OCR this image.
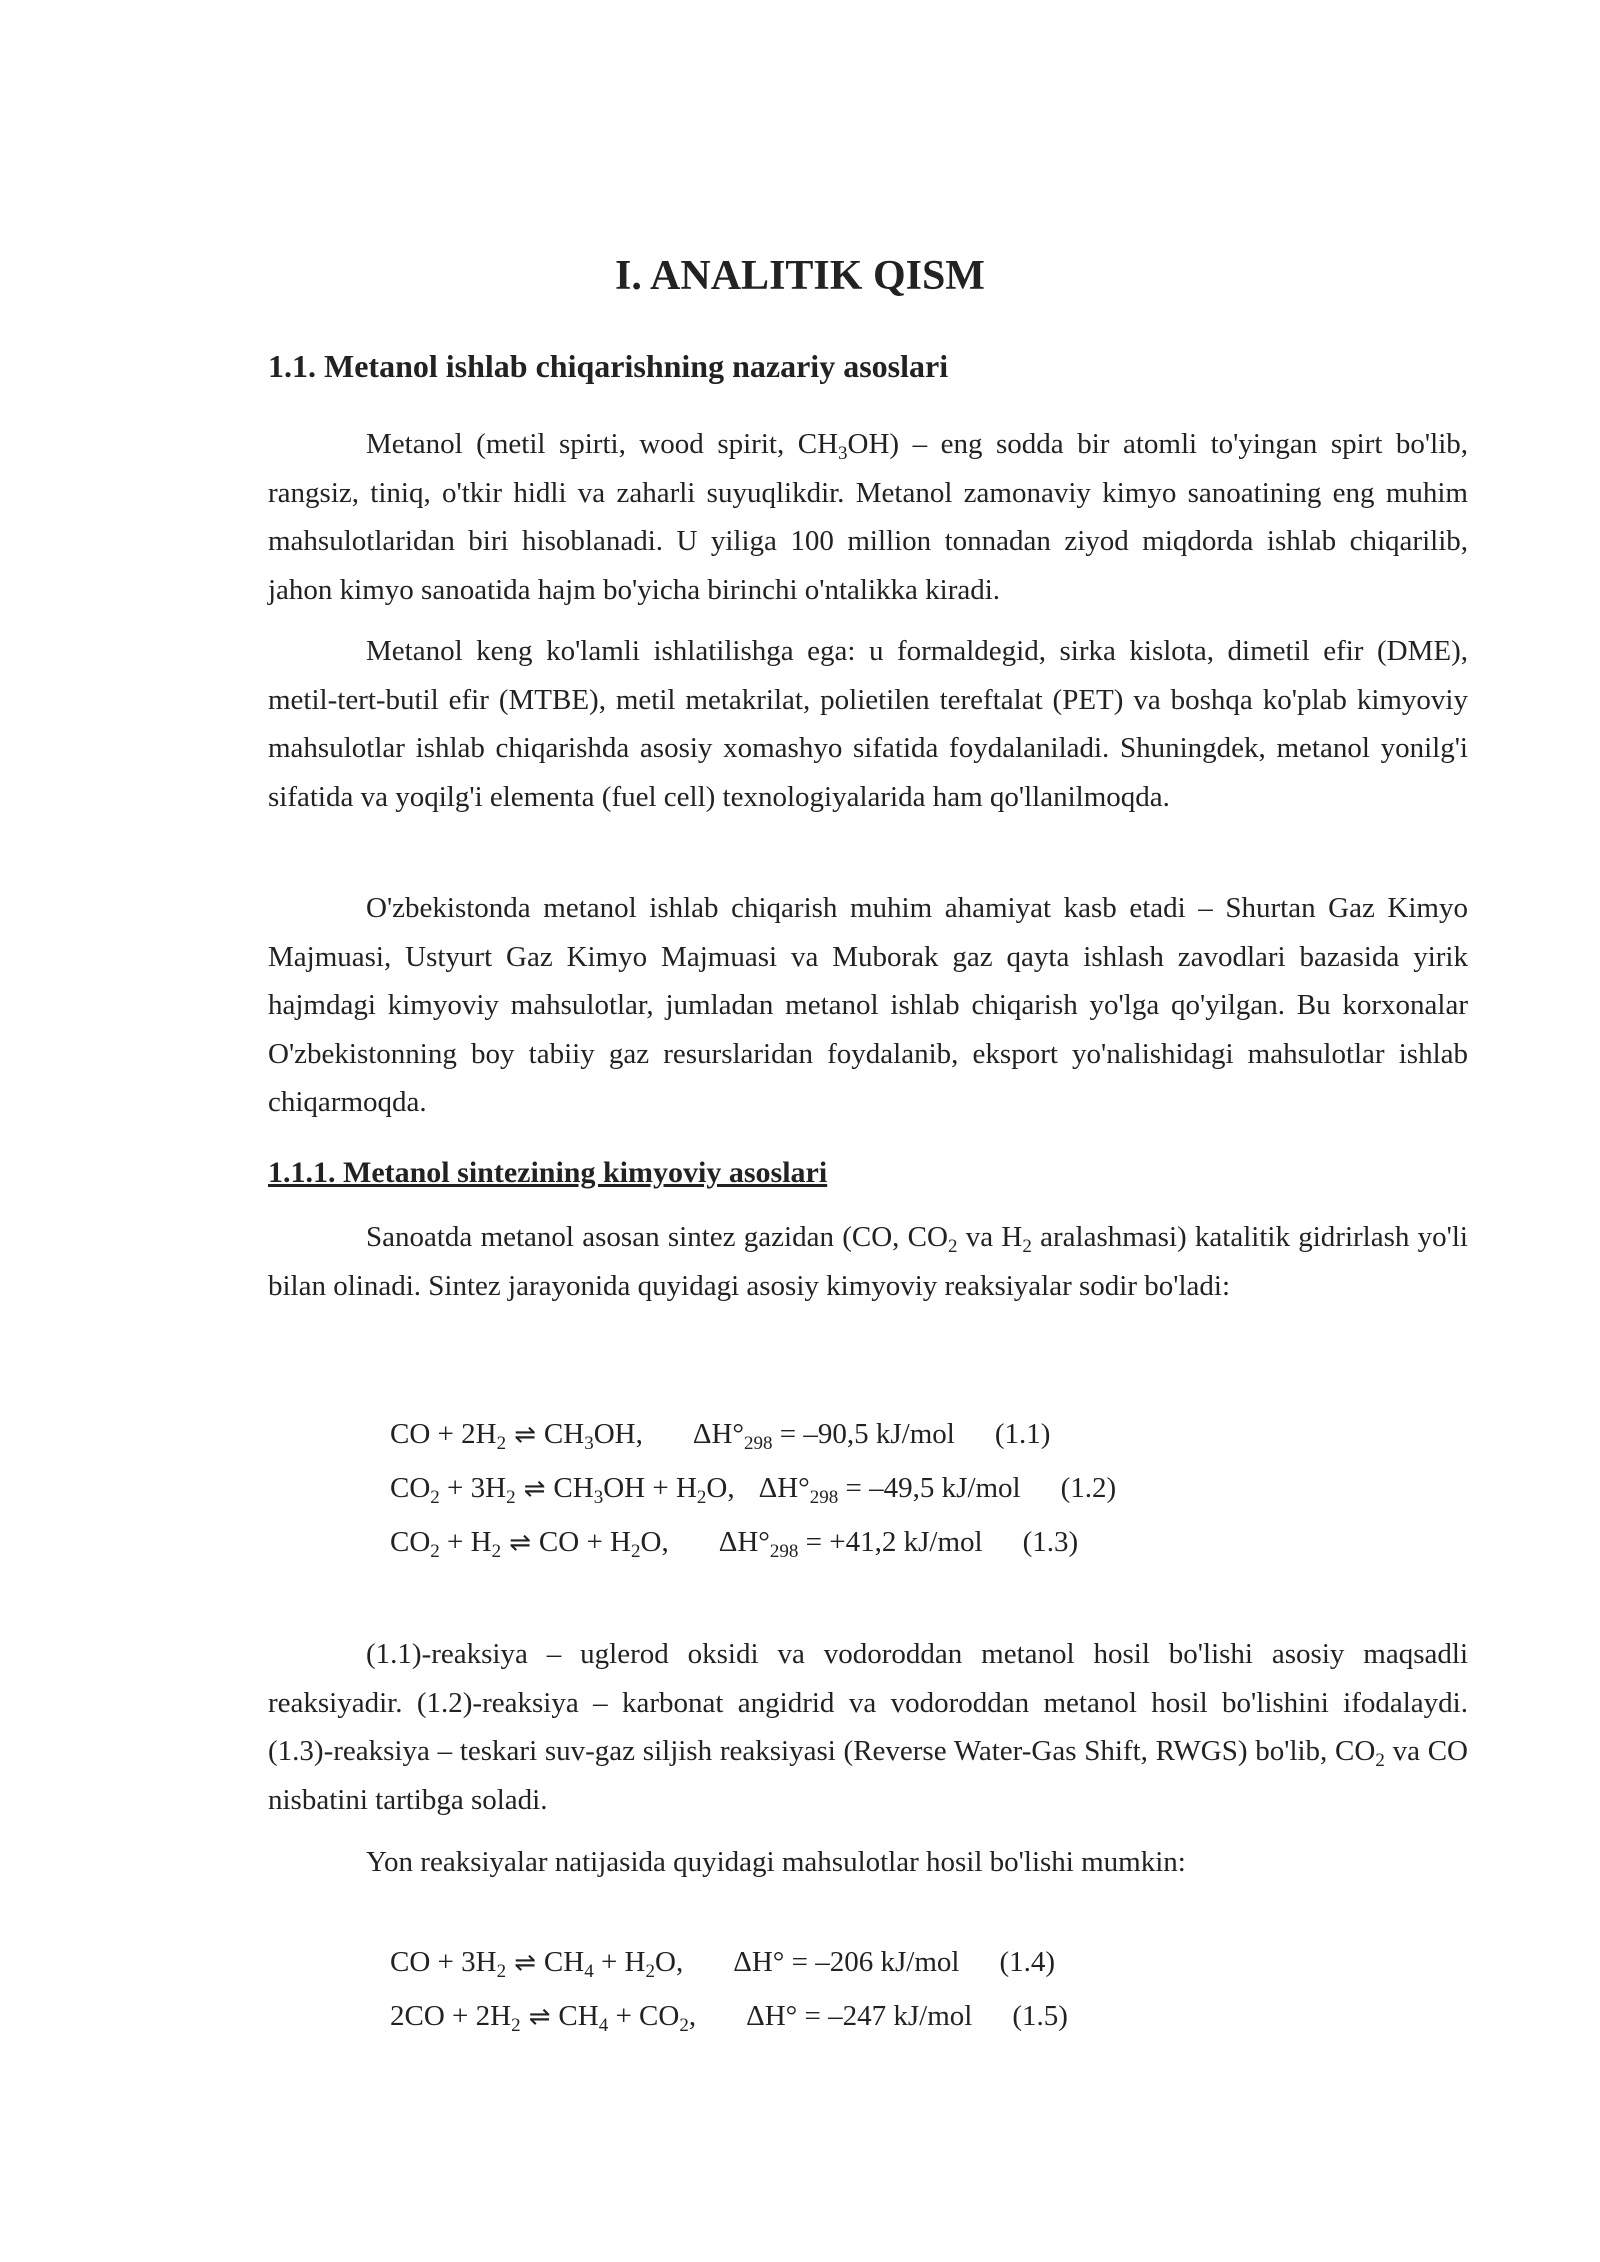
I. ANALITIK QISM
1.1. Metanol ishlab chiqarishning nazariy asoslari

Metanol (metil spirti, wood spirit, $CH_3OH$) – eng sodda bir atomli to'yingan spirt bo'lib, rangsiz, tiniq, o'tkir hidli va zaharli suyuqlikdir. Metanol zamonaviy kimyo sanoatining eng muhim mahsulotlaridan biri hisoblanadi. U yiliga 100 million tonnadan ziyod miqdorda ishlab chiqarilib, jahon kimyo sanoatida hajm bo'yicha birinchi o'ntalikka kiradi.

Metanol keng ko'lamli ishlatilishga ega: u formaldegid, sirka kislota, dimetil efir (DME), metil-tert-butil efir (MTBE), metil metakrilat, polietilen tereftalat (PET) va boshqa ko'plab kimyoviy mahsulotlar ishlab chiqarishda asosiy xomashyo sifatida foydalaniladi. Shuningdek, metanol yonilg'i sifatida va yoqilg'i elementa (fuel cell) texnologiyalarida ham qo'llanilmoqda.

O'zbekistonda metanol ishlab chiqarish muhim ahamiyat kasb etadi – Shurtan Gaz Kimyo Majmuasi, Ustyurt Gaz Kimyo Majmuasi va Muborak gaz qayta ishlash zavodlari bazasida yirik hajmdagi kimyoviy mahsulotlar, jumladan metanol ishlab chiqarish yo'lga qo'yilgan. Bu korxonalar O'zbekistonning boy tabiiy gaz resurslaridan foydalanib, eksport yo'nalishidagi mahsulotlar ishlab chiqarmoqda.

1.1.1. Metanol sintezining kimyoviy asoslari

Sanoatda metanol asosan sintez gazidan (CO, $CO_2$ va $H_2$ aralashmasi) katalitik gidrirlash yo'li bilan olinadi. Sintez jarayonida quyidagi asosiy kimyoviy reaksiyalar sodir bo'ladi:

CO + $2H_2$ ⇌ $CH_3OH$, $\Delta H^\circ_{298} = -90,5$ kJ/mol (1.1)
$CO_2 + 3H_2$ ⇌ $CH_3OH + H_2O$, $\Delta H^\circ_{298} = -49,5$ kJ/mol (1.2)
$CO_2 + H_2$ ⇌ CO + $H_2O$, $\Delta H^\circ_{298} = +41,2$ kJ/mol (1.3)

(1.1)-reaksiya – uglerod oksidi va vodoroddan metanol hosil bo'lishi asosiy maqsadli reaksiyadir. (1.2)-reaksiya – karbonat angidrid va vodoroddan metanol hosil bo'lishini ifodalaydi. (1.3)-reaksiya – teskari suv-gaz siljish reaksiyasi (Reverse Water-Gas Shift, RWGS) bo'lib, $CO_2$ va CO nisbatini tartibga soladi.

Yon reaksiyalar natijasida quyidagi mahsulotlar hosil bo'lishi mumkin:

CO + $3H_2$ ⇌ $CH_4 + H_2O$, ΔH° = –206 kJ/mol (1.4)
$2CO + 2H_2$ ⇌ $CH_4 + CO_2$, ΔH° = –247 kJ/mol (1.5)
